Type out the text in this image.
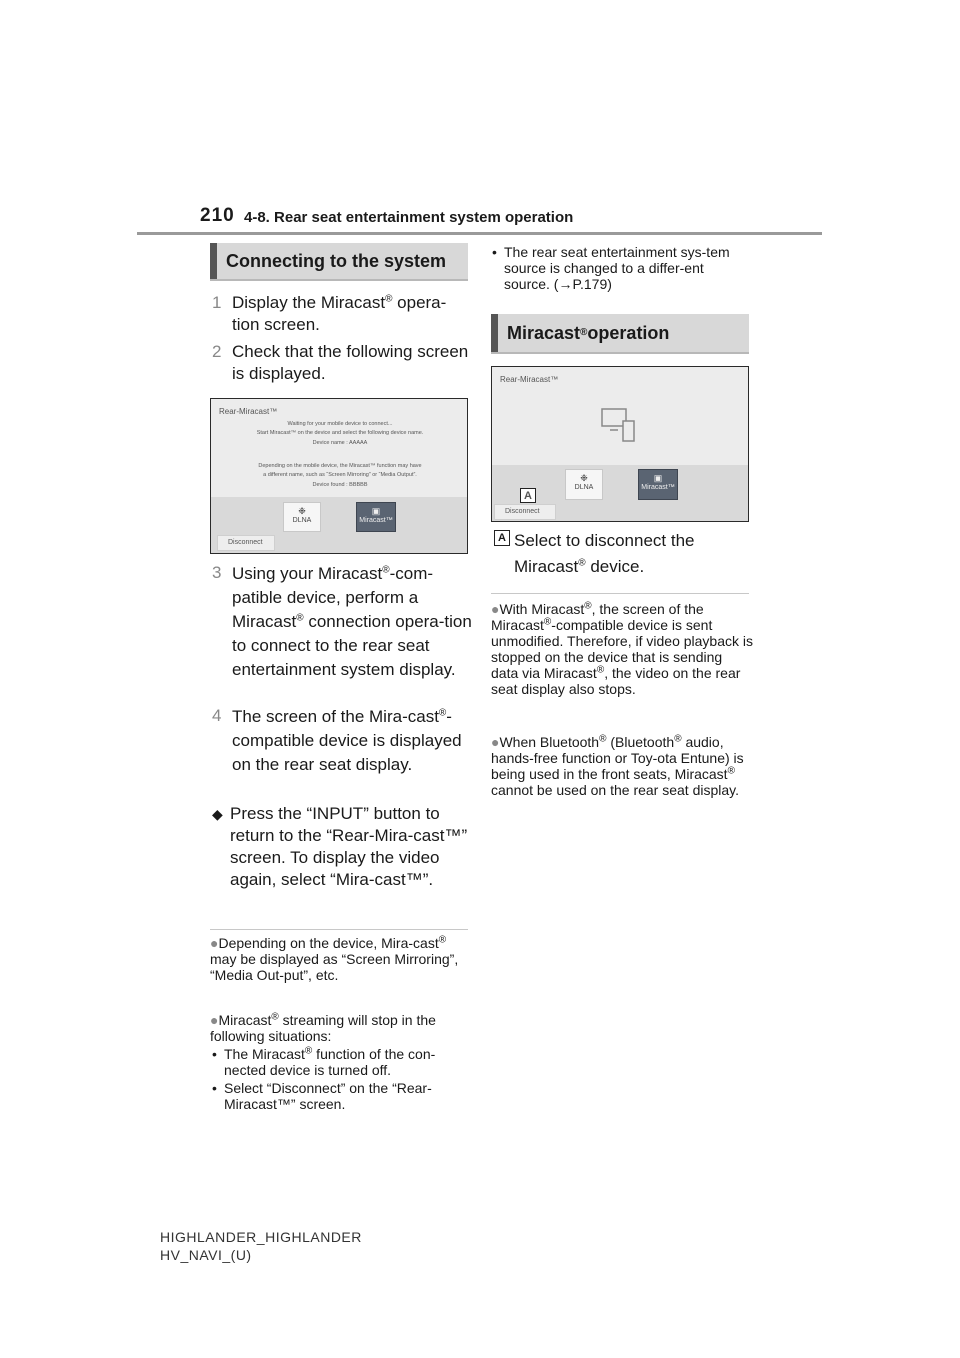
210 4-8. Rear seat entertainment system operation
Connecting to the system
1 Display the Miracast® opera-tion screen.
2 Check that the following screen is displayed.
Rear-Miracast™
Waiting for your mobile device to connect...
Start Miracast™ on the device and select the following device name.
Device name : AAAAA
Depending on the mobile device, the Miracast™ function may have
a different name, such as “Screen Mirroring” or “Media Output”.
Device found : BBBBB
❉
DLNA
▣
Miracast™
Disconnect
3 Using your Miracast®-com-patible device, perform a Miracast® connection opera-tion to connect to the rear seat entertainment system display.
4 The screen of the Mira-cast®-compatible device is displayed on the rear seat display.
◆ Press the “INPUT” button to return to the “Rear-Mira-cast™” screen. To display the video again, select “Mira-cast™”.
●Depending on the device, Mira-cast® may be displayed as “Screen Mirroring”, “Media Out-put”, etc.
●Miracast® streaming will stop in the following situations:
• The Miracast® function of the con-nected device is turned off.
• Select “Disconnect” on the “Rear-Miracast™” screen.
• The rear seat entertainment sys-tem source is changed to a differ-ent source. (→P.179)
Miracast ® operation
Rear-Miracast™
❉
DLNA
▣
Miracast™
A
Disconnect
A Select to disconnect the Miracast® device.
●With Miracast®, the screen of the Miracast®-compatible device is sent unmodified. Therefore, if video playback is stopped on the device that is sending data via Miracast®, the video on the rear seat display also stops.
●When Bluetooth® (Bluetooth® audio, hands-free function or Toy-ota Entune) is being used in the front seats, Miracast® cannot be used on the rear seat display.
HIGHLANDER_HIGHLANDER
HV_NAVI_(U)
